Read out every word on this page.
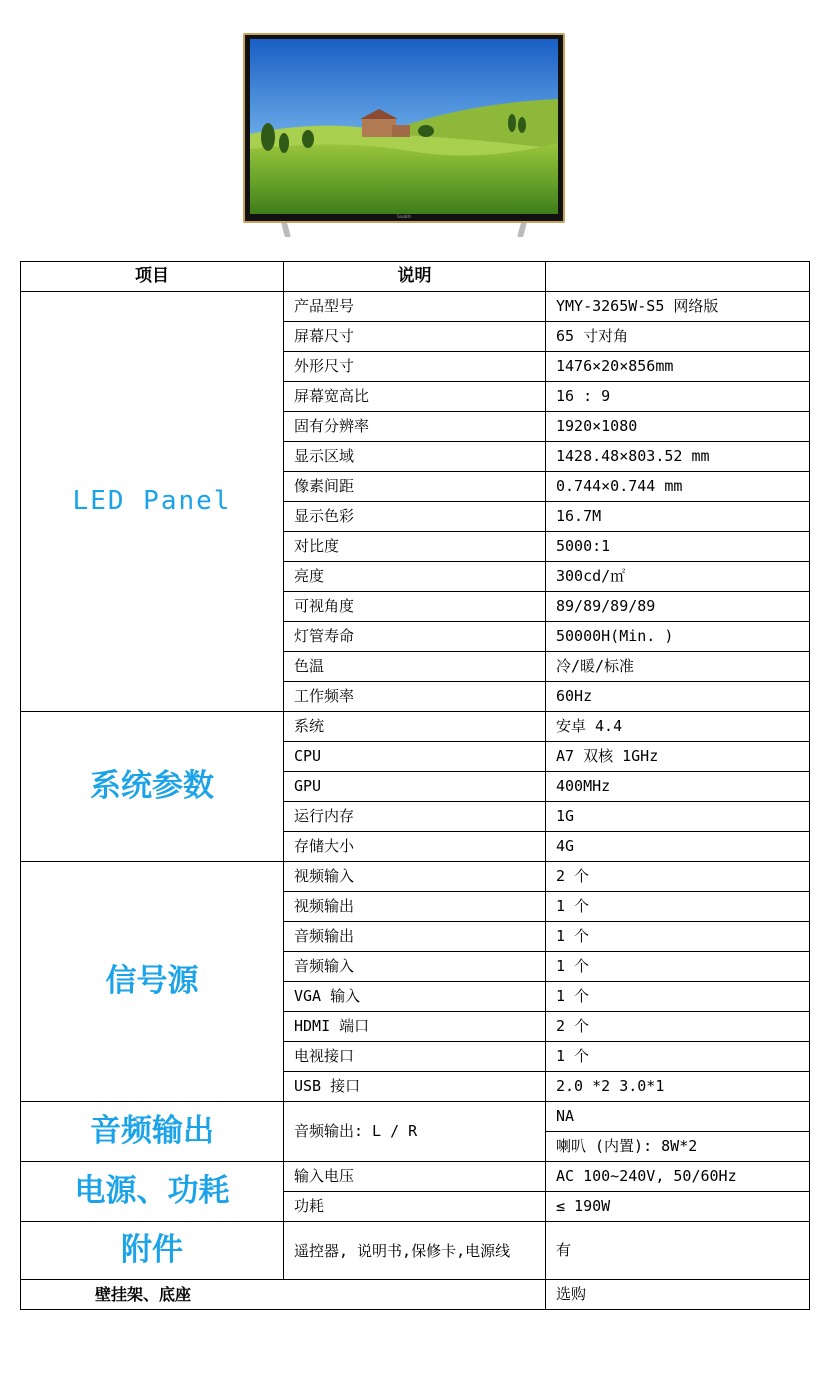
Gaoblh
项目	说明	
LED Panel	产品型号	YMY-3265W-S5 网络版
	屏幕尺寸	65 寸对角
	外形尺寸	1476×20×856mm
	屏幕宽高比	16 : 9
	固有分辨率	1920×1080
	显示区域	1428.48×803.52 mm
	像素间距	0.744×0.744 mm
	显示色彩	16.7M
	对比度	5000:1
	亮度	300cd/㎡
	可视角度	89/89/89/89
	灯管寿命	50000H(Min. )
	色温	冷/暖/标准
	工作频率	60Hz
系统参数	系统	安卓 4.4
	CPU	A7 双核 1GHz
	GPU	400MHz
	运行内存	1G
	存储大小	4G
信号源	视频输入	2 个
	视频输出	1 个
	音频输出	1 个
	音频输入	1 个
	VGA 输入	1 个
	HDMI 端口	2 个
	电视接口	1 个
	USB 接口	2.0 *2 3.0*1
音频输出	音频输出: L / R	NA
		喇叭 (内置): 8W*2
电源、功耗	输入电压	AC 100~240V, 50/60Hz
	功耗	≤ 190W
附件	遥控器, 说明书,保修卡,电源线	有
壁挂架、底座		选购
